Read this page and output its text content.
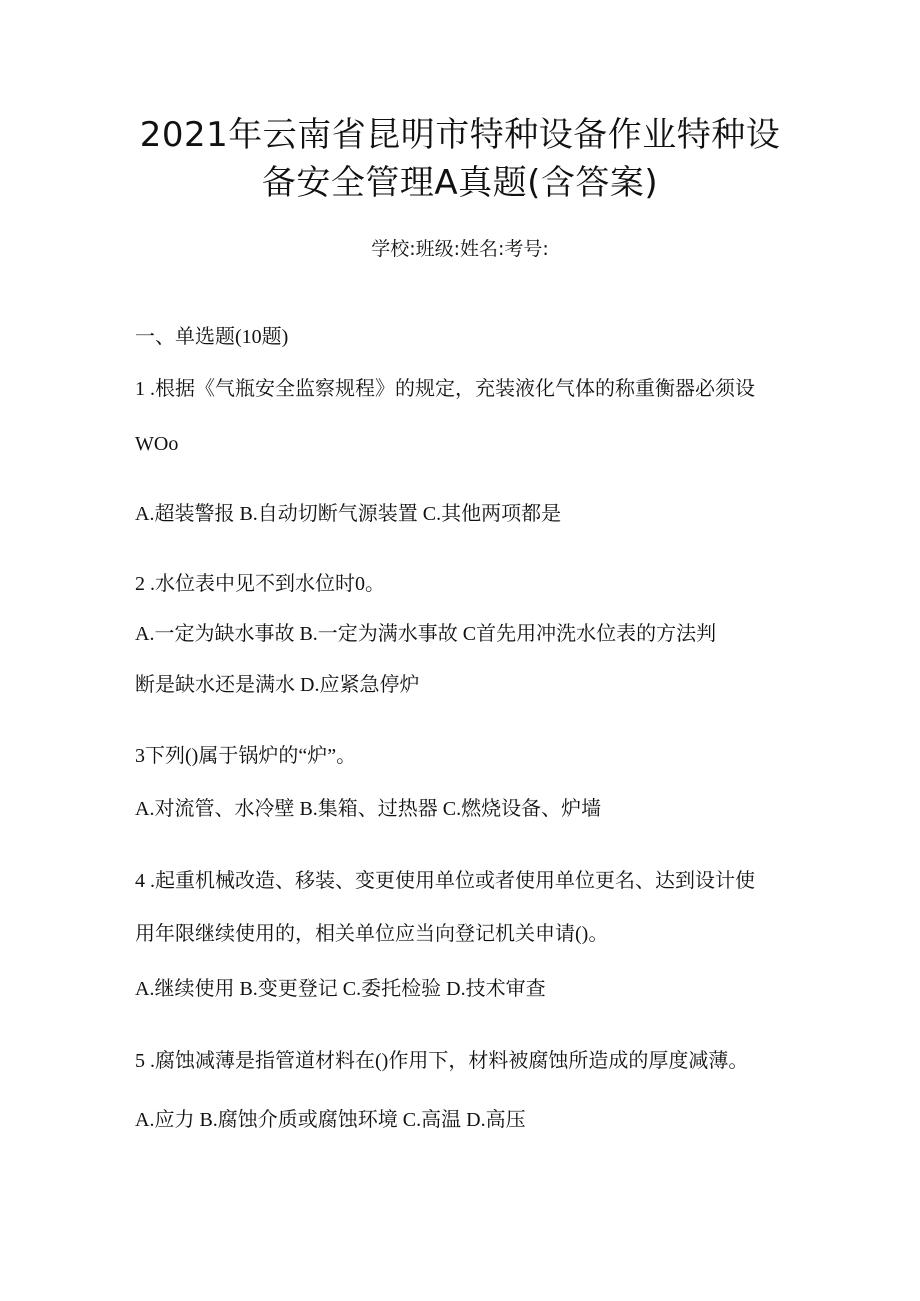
2021年云南省昆明市特种设备作业特种设
备安全管理A真题(含答案)
学校:班级:姓名:考号:
一、单选题(10题)
1 .根据《气瓶安全监察规程》的规定，充装液化气体的称重衡器必须设
WOo
A.超装警报 B.自动切断气源装置 C.其他两项都是
2 .水位表中见不到水位时0。
A.一定为缺水事故 B.一定为满水事故 C首先用冲洗水位表的方法判
断是缺水还是满水 D.应紧急停炉
3下列()属于锅炉的“炉”。
A.对流管、水冷壁 B.集箱、过热器 C.燃烧设备、炉墙
4 .起重机械改造、移装、变更使用单位或者使用单位更名、达到设计使
用年限继续使用的，相关单位应当向登记机关申请()。
A.继续使用 B.变更登记 C.委托检验 D.技术审查
5 .腐蚀减薄是指管道材料在()作用下，材料被腐蚀所造成的厚度减薄。
A.应力 B.腐蚀介质或腐蚀环境 C.高温 D.高压
